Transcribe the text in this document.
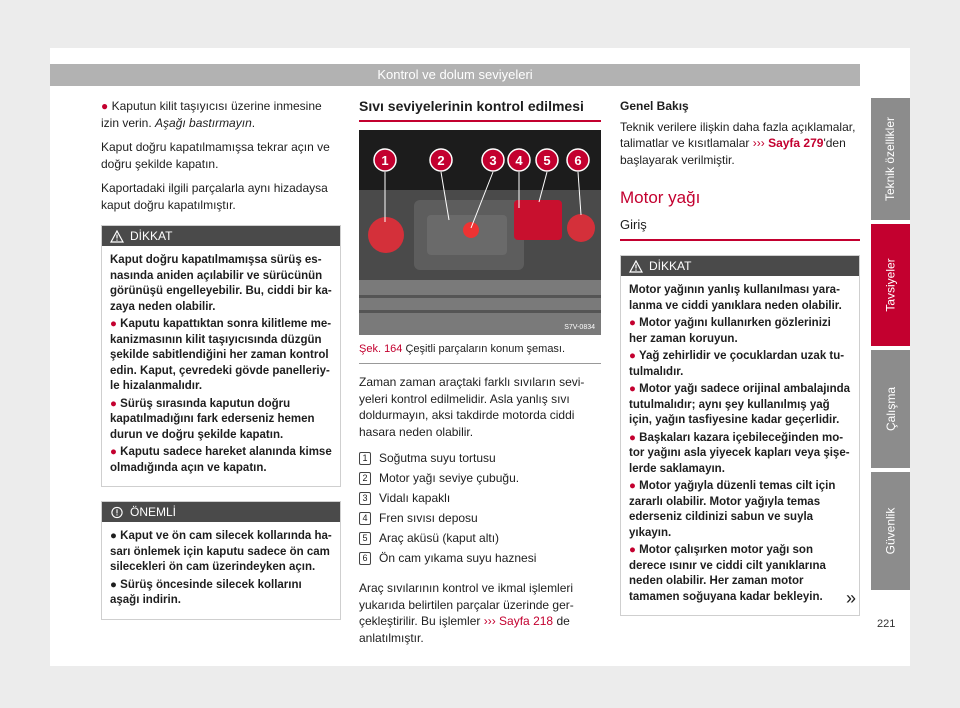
Kontrol ve dolum seviyeleri

● Kaputun kilit taşıyıcısı üzerine inmesine izin verin. Aşağı bastırmayın.

Kaput doğru kapatılmamışsa tekrar açın ve doğru şekilde kapatın.

Kaportadaki ilgili parçalarla aynı hizadaysa kaput doğru kapatılmıştır.

DİKKAT

Kaput doğru kapatılmamışsa sürüş esnasında aniden açılabilir ve sürücünün görünüşü engelleyebilir. Bu, ciddi bir kazaya neden olabilir.

● Kaputu kapattıktan sonra kilitleme mekanizmasının kilit taşıyıcısında düzgün şekilde sabitlendiğini her zaman kontrol edin. Kaput, çevredeki gövde panelleriyle hizalanmalıdır.

● Sürüş sırasında kaputun doğru kapatılmadığını fark ederseniz hemen durun ve doğru şekilde kapatın.

● Kaputu sadece hareket alanında kimse olmadığında açın ve kapatın.

ÖNEMLİ

● Kaput ve ön cam silecek kollarında hasarı önlemek için kaputu sadece ön cam silecekleri ön cam üzerindeyken açın.

● Sürüş öncesinde silecek kollarını aşağı indirin.

Sıvı seviyelerinin kontrol edilmesi
1	2	3 4 5 6
S7V-0834
Şek. 164 Çeşitli parçaların konum şeması.

Zaman zaman araçtaki farklı sıvıların seviyeleri kontrol edilmelidir. Asla yanlış sıvı doldurmayın, aksi takdirde motorda ciddi hasara neden olabilir.

1 Soğutma suyu tortusu
2 Motor yağı seviye çubuğu.
3 Vidalı kapaklı
4 Fren sıvısı deposu
5 Araç aküsü (kaput altı)
6 Ön cam yıkama suyu haznesi

Araç sıvılarının kontrol ve ikmal işlemleri yukarıda belirtilen parçalar üzerinde gerçekleştirilir. Bu işlemler ››› Sayfa 218 de anlatılmıştır.

Genel Bakış

Teknik verilere ilişkin daha fazla açıklamalar, talimatlar ve kısıtlamalar ››› Sayfa 279'den başlayarak verilmiştir.

Motor yağı
Giriş
DİKKAT

Motor yağının yanlış kullanılması yaralanma ve ciddi yanıklara neden olabilir.

● Motor yağını kullanırken gözlerinizi her zaman koruyun.

● Yağ zehirlidir ve çocuklardan uzak tutulmalıdır.

● Motor yağı sadece orijinal ambalajında tutulmalıdır; aynı şey kullanılmış yağ için, yağın tasfiyesine kadar geçerlidir.

● Başkaları kazara içebileceğinden motor yağını asla yiyecek kapları veya şişelerde saklamayın.

● Motor yağıyla düzenli temas cilt için zararlı olabilir. Motor yağıyla temas ederseniz cildinizi sabun ve suyla yıkayın.

● Motor çalışırken motor yağı son derece ısınır ve ciddi cilt yanıklarına neden olabilir. Her zaman motor tamamen soğuyana kadar bekleyin.	»
Teknik özellikler
Tavsiyeler
Çalışma
Güvenlik
221
